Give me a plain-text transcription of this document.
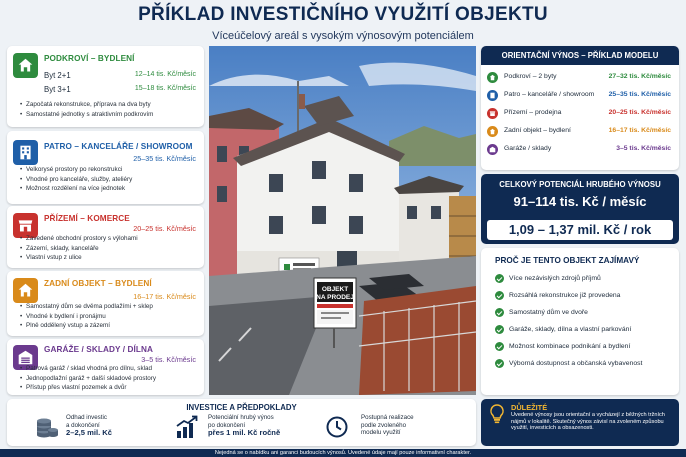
PŘÍKLAD INVESTIČNÍHO VYUŽITÍ OBJEKTU
Víceúčelový areál s vysokým výnosovým potenciálem
PODKROVÍ – BYDLENÍ
Byt 2+1	12–14 tis. Kč/měsíc
Byt 3+1	15–18 tis. Kč/měsíc
• Započatá rekonstrukce, příprava na dva byty
• Samostatné jednotky s atraktivním podkrovím
PATRO – KANCELÁŘE / SHOWROOM
25–35 tis. Kč/měsíc
• Velkorysé prostory po rekonstrukci
• Vhodné pro kanceláře, služby, ateliéry
• Možnost rozdělení na více jednotek
PŘÍZEMÍ – KOMERCE
20–25 tis. Kč/měsíc
• Zavedené obchodní prostory s výlohami
• Zázemí, sklady, kanceláře
• Vlastní vstup z ulice
ZADNÍ OBJEKT – BYDLENÍ
16–17 tis. Kč/měsíc
• Samostatný dům se dvěma podlažími + sklep
• Vhodné k bydlení i pronájmu
• Plně oddělený vstup a zázemí
GARÁŽE / SKLADY / DÍLNA
3–5 tis. Kč/měsíc
• Patrová garáž / sklad vhodná pro dílnu, sklad
• Jednopodlažní garáž + další skladové prostory
• Přístup přes vlastní pozemek a dvůr
OBJEKT
NA PRODEJ
ORIENTAČNÍ VÝNOS – PŘÍKLAD MODELU
Podkroví – 2 byty	27–32 tis. Kč/měsíc
Patro – kanceláře / showroom 25–35 tis. Kč/měsíc
Přízemí – prodejna	20–25 tis. Kč/měsíc
Zadní objekt – bydlení	16–17 tis. Kč/měsíc
Garáže / sklady	3–5 tis. Kč/měsíc
CELKOVÝ POTENCIÁL HRUBÉHO VÝNOSU
91–114 tis. Kč / měsíc
1,09 – 1,37 mil. Kč / rok
PROČ JE TENTO OBJEKT ZAJÍMAVÝ
Více nezávislých zdrojů příjmů
Rozsáhlá rekonstrukce již provedena
Samostatný dům ve dvoře
Garáže, sklady, dílna a vlastní parkování
Možnost kombinace podnikání a bydlení
Výborná dostupnost a občanská vybavenost
INVESTICE A PŘEDPOKLADY
Odhad investic
a dokončení
2–2,5 mil. Kč
Potenciální hrubý výnos
po dokončení
přes 1 mil. Kč ročně
Postupná realizace
podle zvoleného
modelu využití
DŮLEŽITÉ
Uvedené výnosy jsou orientační a vycházejí z běžných tržních nájmů v lokalitě. Skutečný výnos závisí na zvoleném způsobu využití, investicích a obsazenosti.
Nejedná se o nabídku ani garanci budoucích výnosů. Uvedené údaje mají pouze informativní charakter.
